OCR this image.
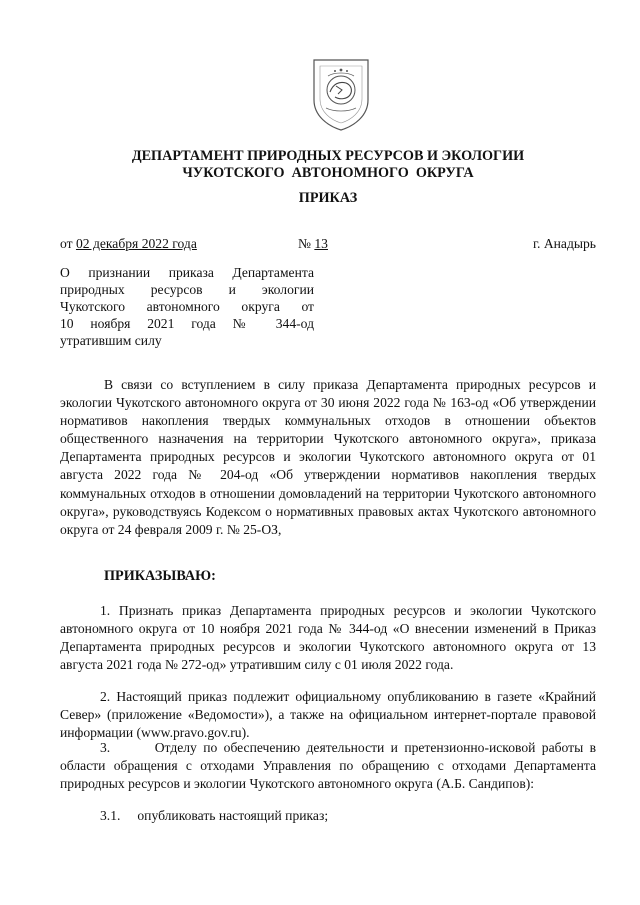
ДЕПАРТАМЕНТ ПРИРОДНЫХ РЕСУРСОВ И ЭКОЛОГИИ
ЧУКОТСКОГО  АВТОНОМНОГО  ОКРУГА
ПРИКАЗ
от 02 декабря 2022 года	№ 13	г. Анадырь
О признании приказа Департамента
природных ресурсов и экологии
Чукотского автономного округа от
10 ноября 2021 года № 344-од
утратившим силу
В связи со вступлением в силу приказа Департамента природных ресурсов и экологии Чукотского автономного округа от 30 июня 2022 года № 163-од «Об утверждении нормативов накопления твердых коммунальных отходов в отношении объектов общественного назначения на территории Чукотского автономного округа», приказа Департамента природных ресурсов и экологии Чукотского автономного округа от 01 августа 2022 года № 204-од «Об утверждении нормативов накопления твердых коммунальных отходов в отношении домовладений на территории Чукотского автономного округа», руководствуясь Кодексом о нормативных правовых актах Чукотского автономного округа от 24 февраля 2009 г. № 25-ОЗ,
ПРИКАЗЫВАЮ:
1. Признать приказ Департамента природных ресурсов и экологии Чукотского автономного округа от 10 ноября 2021 года № 344-од «О внесении изменений в Приказ Департамента природных ресурсов и экологии Чукотского автономного округа от 13 августа 2021 года № 272-од» утратившим силу с 01 июля 2022 года.
2. Настоящий приказ подлежит официальному опубликованию в газете «Крайний Север» (приложение «Ведомости»), а также на официальном интернет-портале правовой информации (www.pravo.gov.ru).
3.       Отделу по обеспечению деятельности и претензионно-исковой работы в области обращения с отходами Управления по обращению с отходами Департамента природных ресурсов и экологии Чукотского автономного округа (А.Б. Сандипов):
3.1.     опубликовать настоящий приказ;
